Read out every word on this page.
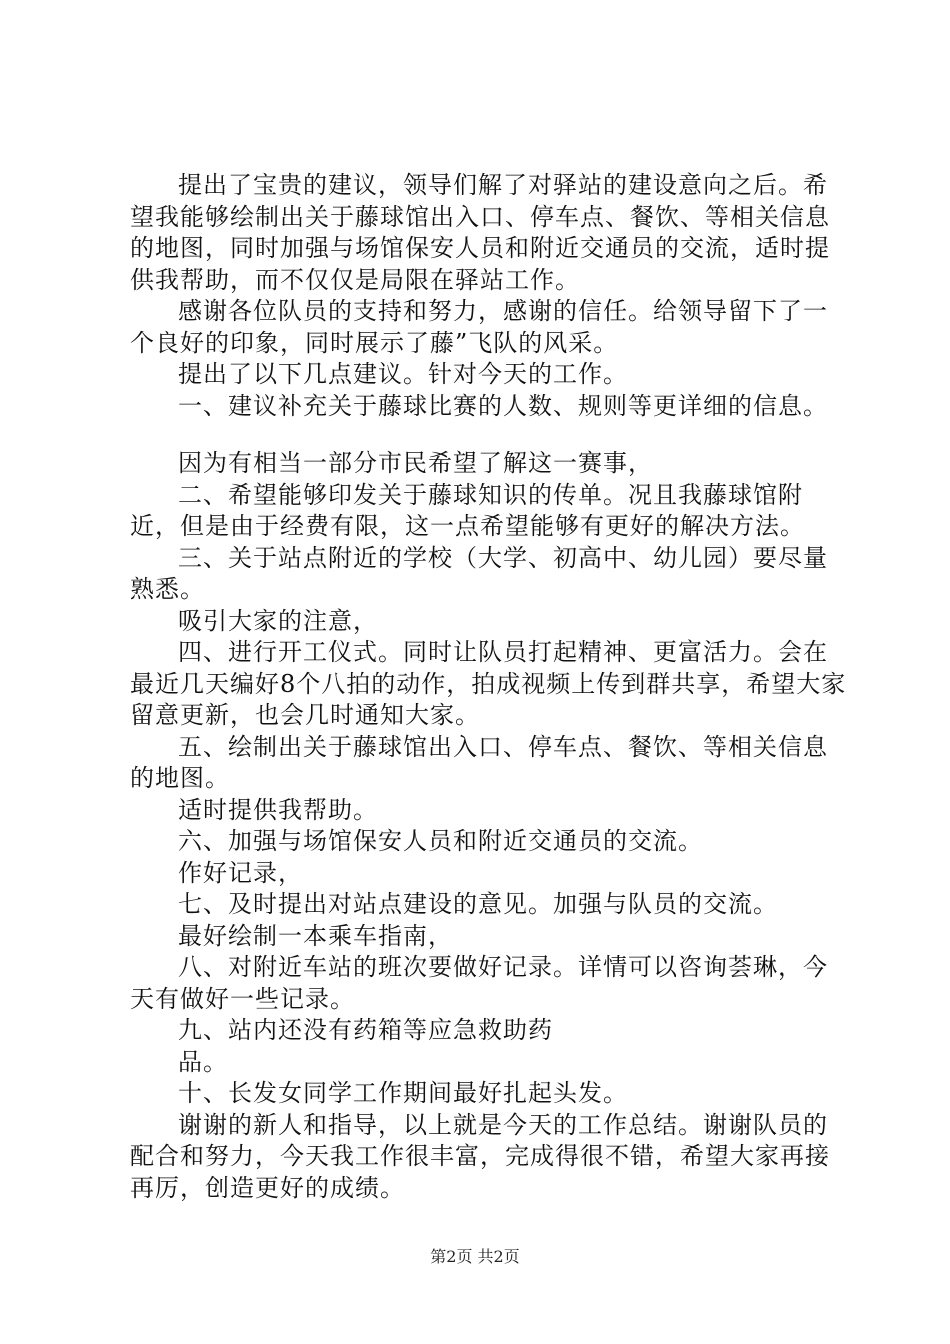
提出了宝贵的建议，领导们解了对驿站的建设意向之后。希望我能够绘制出关于藤球馆出入口、停车点、餐饮、等相关信息的地图，同时加强与场馆保安人员和附近交通员的交流，适时提供我帮助，而不仅仅是局限在驿站工作。

感谢各位队员的支持和努力，感谢的信任。给领导留下了一个良好的印象，同时展示了藤”飞队的风采。

提出了以下几点建议。针对今天的工作。

一、建议补充关于藤球比赛的人数、规则等更详细的信息。

因为有相当一部分市民希望了解这一赛事，

二、希望能够印发关于藤球知识的传单。况且我藤球馆附近，但是由于经费有限，这一点希望能够有更好的解决方法。

三、关于站点附近的学校（大学、初高中、幼儿园）要尽量熟悉。

吸引大家的注意，

四、进行开工仪式。同时让队员打起精神、更富活力。会在最近几天编好8个八拍的动作，拍成视频上传到群共享，希望大家留意更新，也会几时通知大家。

五、绘制出关于藤球馆出入口、停车点、餐饮、等相关信息的地图。

适时提供我帮助。

六、加强与场馆保安人员和附近交通员的交流。

作好记录，

七、及时提出对站点建设的意见。加强与队员的交流。

最好绘制一本乘车指南，

八、对附近车站的班次要做好记录。详情可以咨询荟琳，今天有做好一些记录。

九、站内还没有药箱等应急救助药

品。

十、长发女同学工作期间最好扎起头发。

谢谢的新人和指导，以上就是今天的工作总结。谢谢队员的配合和努力，今天我工作很丰富，完成得很不错，希望大家再接再厉，创造更好的成绩。

第2页 共2页
